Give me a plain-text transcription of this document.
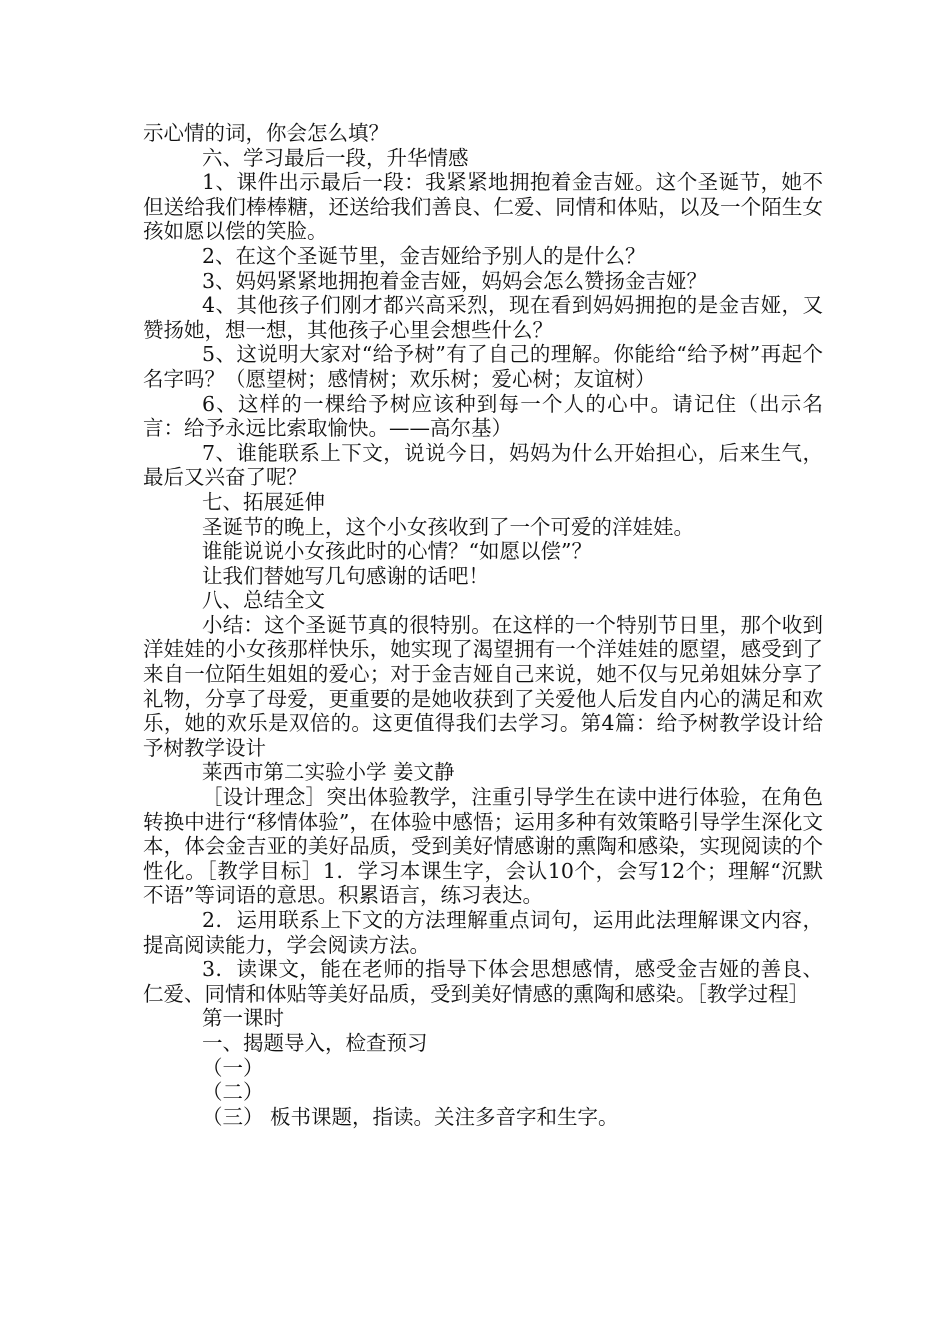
示心情的词，你会怎么填？

六、学习最后一段，升华情感

1、课件出示最后一段：我紧紧地拥抱着金吉娅。这个圣诞节，她不但送给我们棒棒糖，还送给我们善良、仁爱、同情和体贴，以及一个陌生女孩如愿以偿的笑脸。

2、在这个圣诞节里，金吉娅给予别人的是什么？

3、妈妈紧紧地拥抱着金吉娅，妈妈会怎么赞扬金吉娅？

4、其他孩子们刚才都兴高采烈，现在看到妈妈拥抱的是金吉娅，又赞扬她，想一想，其他孩子心里会想些什么？

5、这说明大家对“给予树”有了自己的理解。你能给“给予树”再起个名字吗？（愿望树；感情树；欢乐树；爱心树；友谊树）

6、这样的一棵给予树应该种到每一个人的心中。请记住（出示名言：给予永远比索取愉快。——高尔基）

7、谁能联系上下文，说说今日，妈妈为什么开始担心，后来生气，最后又兴奋了呢？

七、拓展延伸

圣诞节的晚上，这个小女孩收到了一个可爱的洋娃娃。

谁能说说小女孩此时的心情？“如愿以偿”？

让我们替她写几句感谢的话吧！

八、总结全文

小结：这个圣诞节真的很特别。在这样的一个特别节日里，那个收到洋娃娃的小女孩那样快乐，她实现了渴望拥有一个洋娃娃的愿望，感受到了来自一位陌生姐姐的爱心；对于金吉娅自己来说，她不仅与兄弟姐妹分享了礼物，分享了母爱，更重要的是她收获到了关爱他人后发自内心的满足和欢乐，她的欢乐是双倍的。这更值得我们去学习。第4篇：给予树教学设计给予树教学设计

莱西市第二实验小学 姜文静

［设计理念］突出体验教学，注重引导学生在读中进行体验，在角色转换中进行“移情体验”，在体验中感悟；运用多种有效策略引导学生深化文本，体会金吉亚的美好品质，受到美好情感谢的熏陶和感染，实现阅读的个性化。［教学目标］1．学习本课生字，会认10个，会写12个；理解“沉默不语”等词语的意思。积累语言，练习表达。

2．运用联系上下文的方法理解重点词句，运用此法理解课文内容，提高阅读能力，学会阅读方法。

3．读课文，能在老师的指导下体会思想感情，感受金吉娅的善良、仁爱、同情和体贴等美好品质，受到美好情感的熏陶和感染。［教学过程］

第一课时

一、揭题导入，检查预习

（一）

（二）

（三） 板书课题，指读。关注多音字和生字。
